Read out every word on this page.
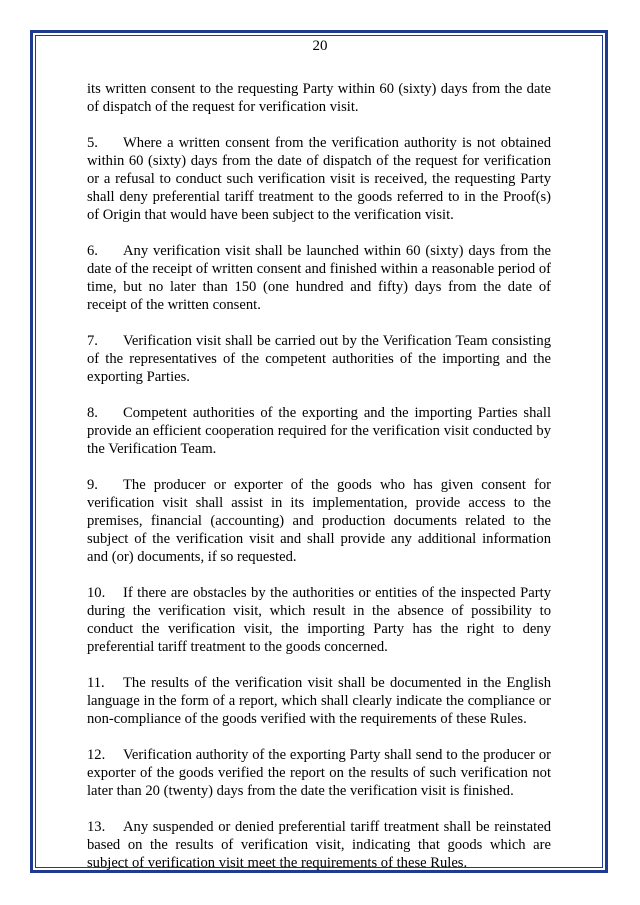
20

its written consent to the requesting Party within 60 (sixty) days from the date of dispatch of the request for verification visit.

5. Where a written consent from the verification authority is not obtained within 60 (sixty) days from the date of dispatch of the request for verification or a refusal to conduct such verification visit is received, the requesting Party shall deny preferential tariff treatment to the goods referred to in the Proof(s) of Origin that would have been subject to the verification visit.

6. Any verification visit shall be launched within 60 (sixty) days from the date of the receipt of written consent and finished within a reasonable period of time, but no later than 150 (one hundred and fifty) days from the date of receipt of the written consent.

7. Verification visit shall be carried out by the Verification Team consisting of the representatives of the competent authorities of the importing and the exporting Parties.

8. Competent authorities of the exporting and the importing Parties shall provide an efficient cooperation required for the verification visit conducted by the Verification Team.

9. The producer or exporter of the goods who has given consent for verification visit shall assist in its implementation, provide access to the premises, financial (accounting) and production documents related to the subject of the verification visit and shall provide any additional information and (or) documents, if so requested.

10. If there are obstacles by the authorities or entities of the inspected Party during the verification visit, which result in the absence of possibility to conduct the verification visit, the importing Party has the right to deny preferential tariff treatment to the goods concerned.

11. The results of the verification visit shall be documented in the English language in the form of a report, which shall clearly indicate the compliance or non-compliance of the goods verified with the requirements of these Rules.

12. Verification authority of the exporting Party shall send to the producer or exporter of the goods verified the report on the results of such verification not later than 20 (twenty) days from the date the verification visit is finished.

13. Any suspended or denied preferential tariff treatment shall be reinstated based on the results of verification visit, indicating that goods which are subject of verification visit meet the requirements of these Rules.
